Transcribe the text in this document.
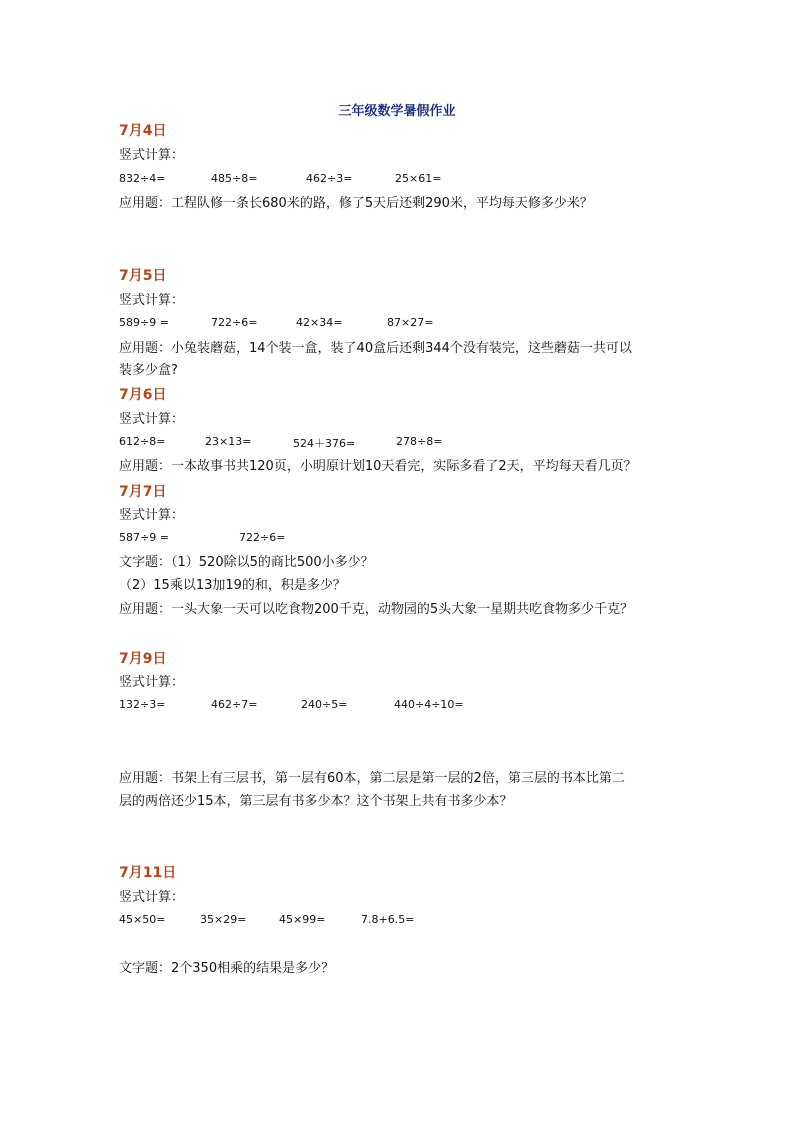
三年级数学暑假作业
7月4日
竖式计算：
832÷4=	485÷8=	462÷3=	25×61=
应用题：工程队修一条长680米的路，修了5天后还剩290米，平均每天修多少米？
7月5日
竖式计算：
589÷9 =	722÷6=	42×34=	87×27=
应用题：小兔装蘑菇，14个装一盒，装了40盒后还剩344个没有装完，这些蘑菇一共可以
装多少盒?
7月6日
竖式计算：
612÷8=	23×13=	524＋376=	278÷8=
应用题：一本故事书共120页，小明原计划10天看完，实际多看了2天，平均每天看几页？
7月7日
竖式计算：
587÷9 =	722÷6=
文字题：（1）520除以5的商比500小多少？
（2）15乘以13加19的和，积是多少？
应用题：一头大象一天可以吃食物200千克，动物园的5头大象一星期共吃食物多少千克？
7月9日
竖式计算：
132÷3=	462÷7=	240÷5=	440÷4÷10=
应用题：书架上有三层书，第一层有60本，第二层是第一层的2倍，第三层的书本比第二
层的两倍还少15本，第三层有书多少本？这个书架上共有书多少本？
7月11日
竖式计算：
45×50=	35×29=	45×99=	7.8+6.5=
文字题：2个350相乘的结果是多少？
